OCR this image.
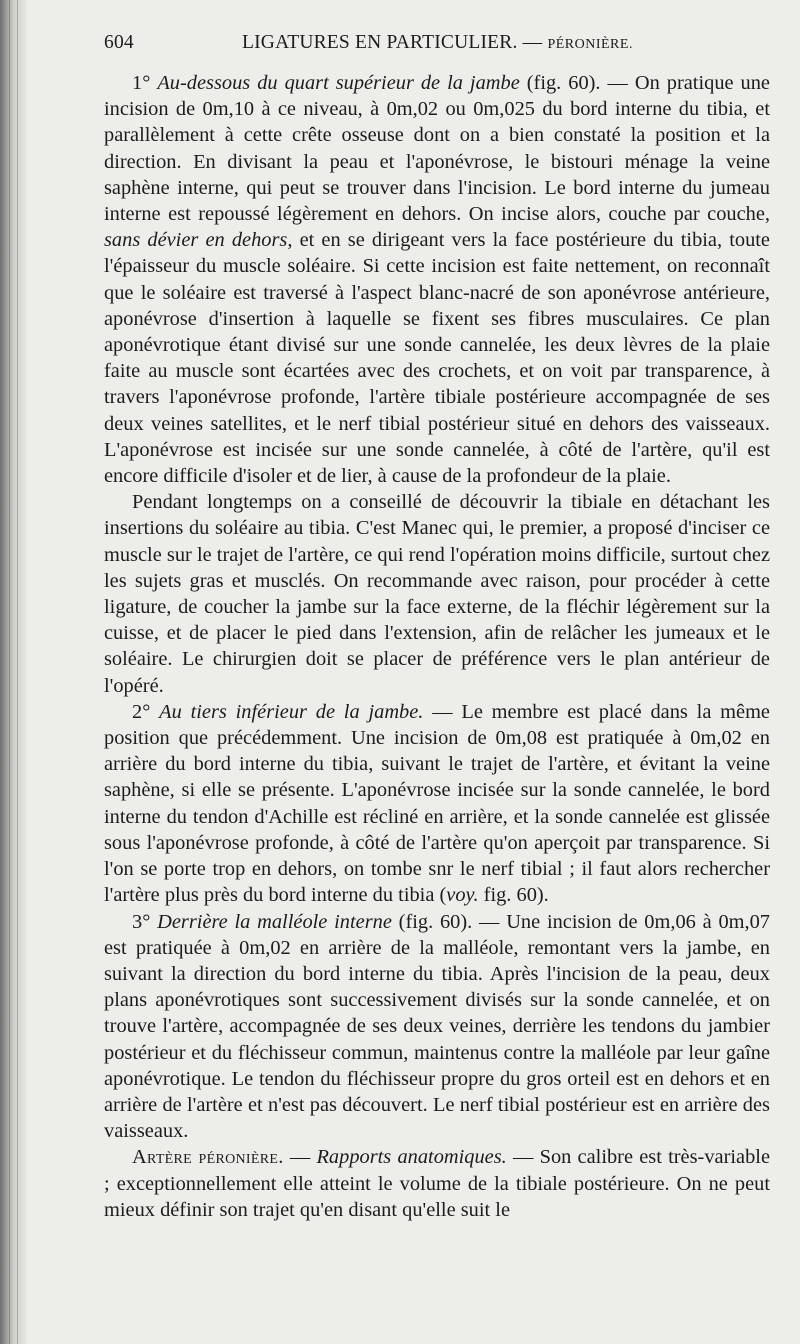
604	LIGATURES EN PARTICULIER. — PÉRONIÈRE.

1° Au-dessous du quart supérieur de la jambe (fig. 60). — On pratique une incision de 0m,10 à ce niveau, à 0m,02 ou 0m,025 du bord interne du tibia, et parallèlement à cette crête osseuse dont on a bien constaté la position et la direction. En divisant la peau et l'aponévrose, le bistouri ménage la veine saphène interne, qui peut se trouver dans l'incision. Le bord interne du jumeau interne est repoussé légèrement en dehors. On incise alors, couche par couche, sans dévier en dehors, et en se dirigeant vers la face postérieure du tibia, toute l'épaisseur du muscle soléaire. Si cette incision est faite nettement, on reconnaît que le soléaire est traversé à l'aspect blanc-nacré de son aponévrose antérieure, aponévrose d'insertion à laquelle se fixent ses fibres musculaires. Ce plan aponévrotique étant divisé sur une sonde cannelée, les deux lèvres de la plaie faite au muscle sont écartées avec des crochets, et on voit par transparence, à travers l'aponévrose profonde, l'artère tibiale postérieure accompagnée de ses deux veines satellites, et le nerf tibial postérieur situé en dehors des vaisseaux. L'aponévrose est incisée sur une sonde cannelée, à côté de l'artère, qu'il est encore difficile d'isoler et de lier, à cause de la profondeur de la plaie.

Pendant longtemps on a conseillé de découvrir la tibiale en détachant les insertions du soléaire au tibia. C'est Manec qui, le premier, a proposé d'inciser ce muscle sur le trajet de l'artère, ce qui rend l'opération moins difficile, surtout chez les sujets gras et musclés. On recommande avec raison, pour procéder à cette ligature, de coucher la jambe sur la face externe, de la fléchir légèrement sur la cuisse, et de placer le pied dans l'extension, afin de relâcher les jumeaux et le soléaire. Le chirurgien doit se placer de préférence vers le plan antérieur de l'opéré.

2° Au tiers inférieur de la jambe. — Le membre est placé dans la même position que précédemment. Une incision de 0m,08 est pratiquée à 0m,02 en arrière du bord interne du tibia, suivant le trajet de l'artère, et évitant la veine saphène, si elle se présente. L'aponévrose incisée sur la sonde cannelée, le bord interne du tendon d'Achille est récliné en arrière, et la sonde cannelée est glissée sous l'aponévrose profonde, à côté de l'artère qu'on aperçoit par transparence. Si l'on se porte trop en dehors, on tombe snr le nerf tibial ; il faut alors rechercher l'artère plus près du bord interne du tibia (voy. fig. 60).

3° Derrière la malléole interne (fig. 60). — Une incision de 0m,06 à 0m,07 est pratiquée à 0m,02 en arrière de la malléole, remontant vers la jambe, en suivant la direction du bord interne du tibia. Après l'incision de la peau, deux plans aponévrotiques sont successivement divisés sur la sonde cannelée, et on trouve l'artère, accompagnée de ses deux veines, derrière les tendons du jambier postérieur et du fléchisseur commun, maintenus contre la malléole par leur gaîne aponévrotique. Le tendon du fléchisseur propre du gros orteil est en dehors et en arrière de l'artère et n'est pas découvert. Le nerf tibial postérieur est en arrière des vaisseaux.

Artère péronière. — Rapports anatomiques. — Son calibre est très-variable ; exceptionnellement elle atteint le volume de la tibiale postérieure. On ne peut mieux définir son trajet qu'en disant qu'elle suit le
